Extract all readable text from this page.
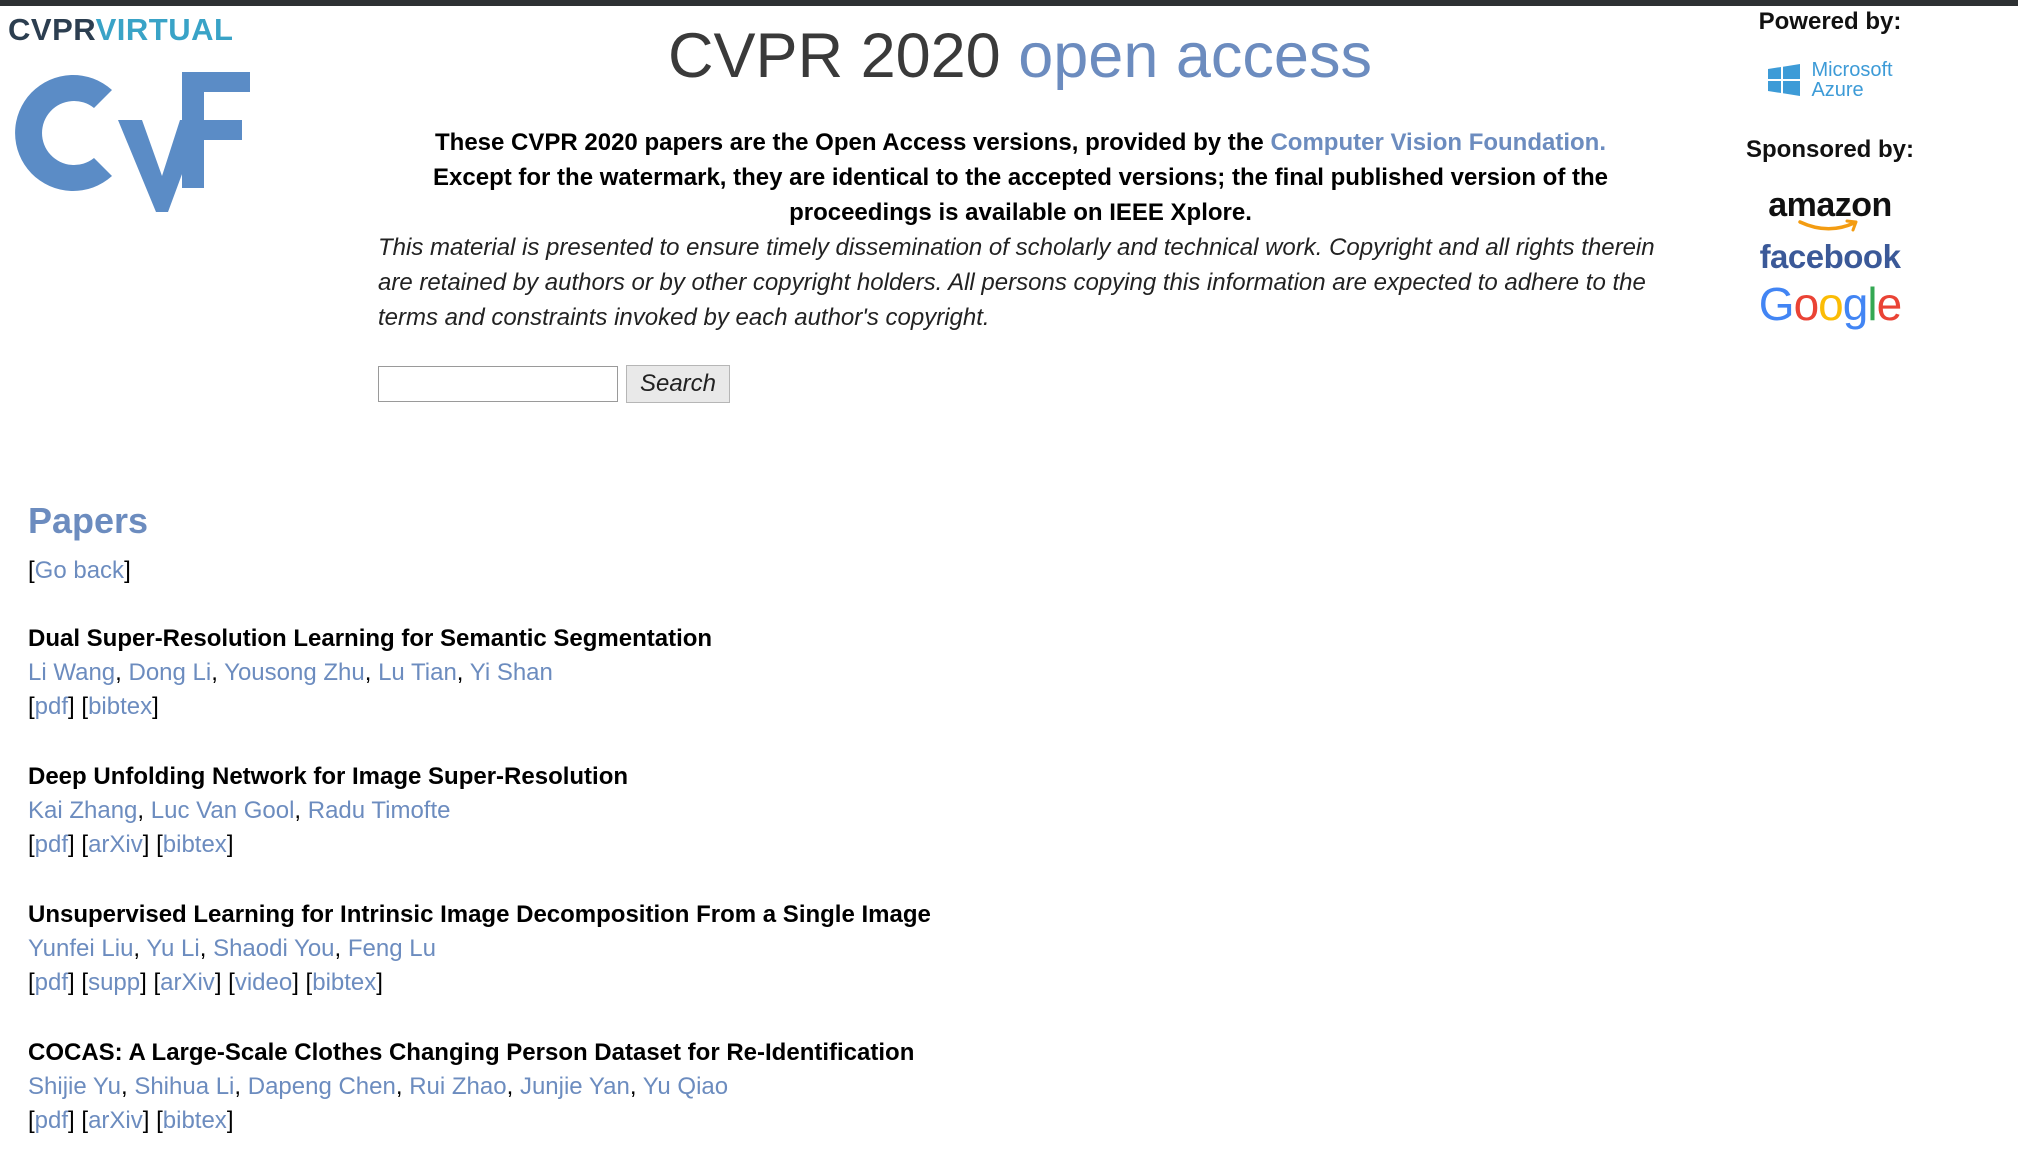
CVPRVIRTUAL	CVPR 2020 open access
These CVPR 2020 papers are the Open Access versions, provided by the Computer Vision Foundation.
Except for the watermark, they are identical to the accepted versions; the final published version of the proceedings is available on IEEE Xplore.
This material is presented to ensure timely dissemination of scholarly and technical work. Copyright and all rights therein are retained by authors or by other copyright holders. All persons copying this information are expected to adhere to the terms and constraints invoked by each author's copyright.
Search
Powered by:
Microsoft
Azure
Sponsored by:
amazon
facebook
Google
Papers
[Go back]
Dual Super-Resolution Learning for Semantic Segmentation
Li Wang, Dong Li, Yousong Zhu, Lu Tian, Yi Shan
[pdf] [bibtex]
Deep Unfolding Network for Image Super-Resolution
Kai Zhang, Luc Van Gool, Radu Timofte
[pdf] [arXiv] [bibtex]
Unsupervised Learning for Intrinsic Image Decomposition From a Single Image
Yunfei Liu, Yu Li, Shaodi You, Feng Lu
[pdf] [supp] [arXiv] [video] [bibtex]
COCAS: A Large-Scale Clothes Changing Person Dataset for Re-Identification
Shijie Yu, Shihua Li, Dapeng Chen, Rui Zhao, Junjie Yan, Yu Qiao
[pdf] [arXiv] [bibtex]
